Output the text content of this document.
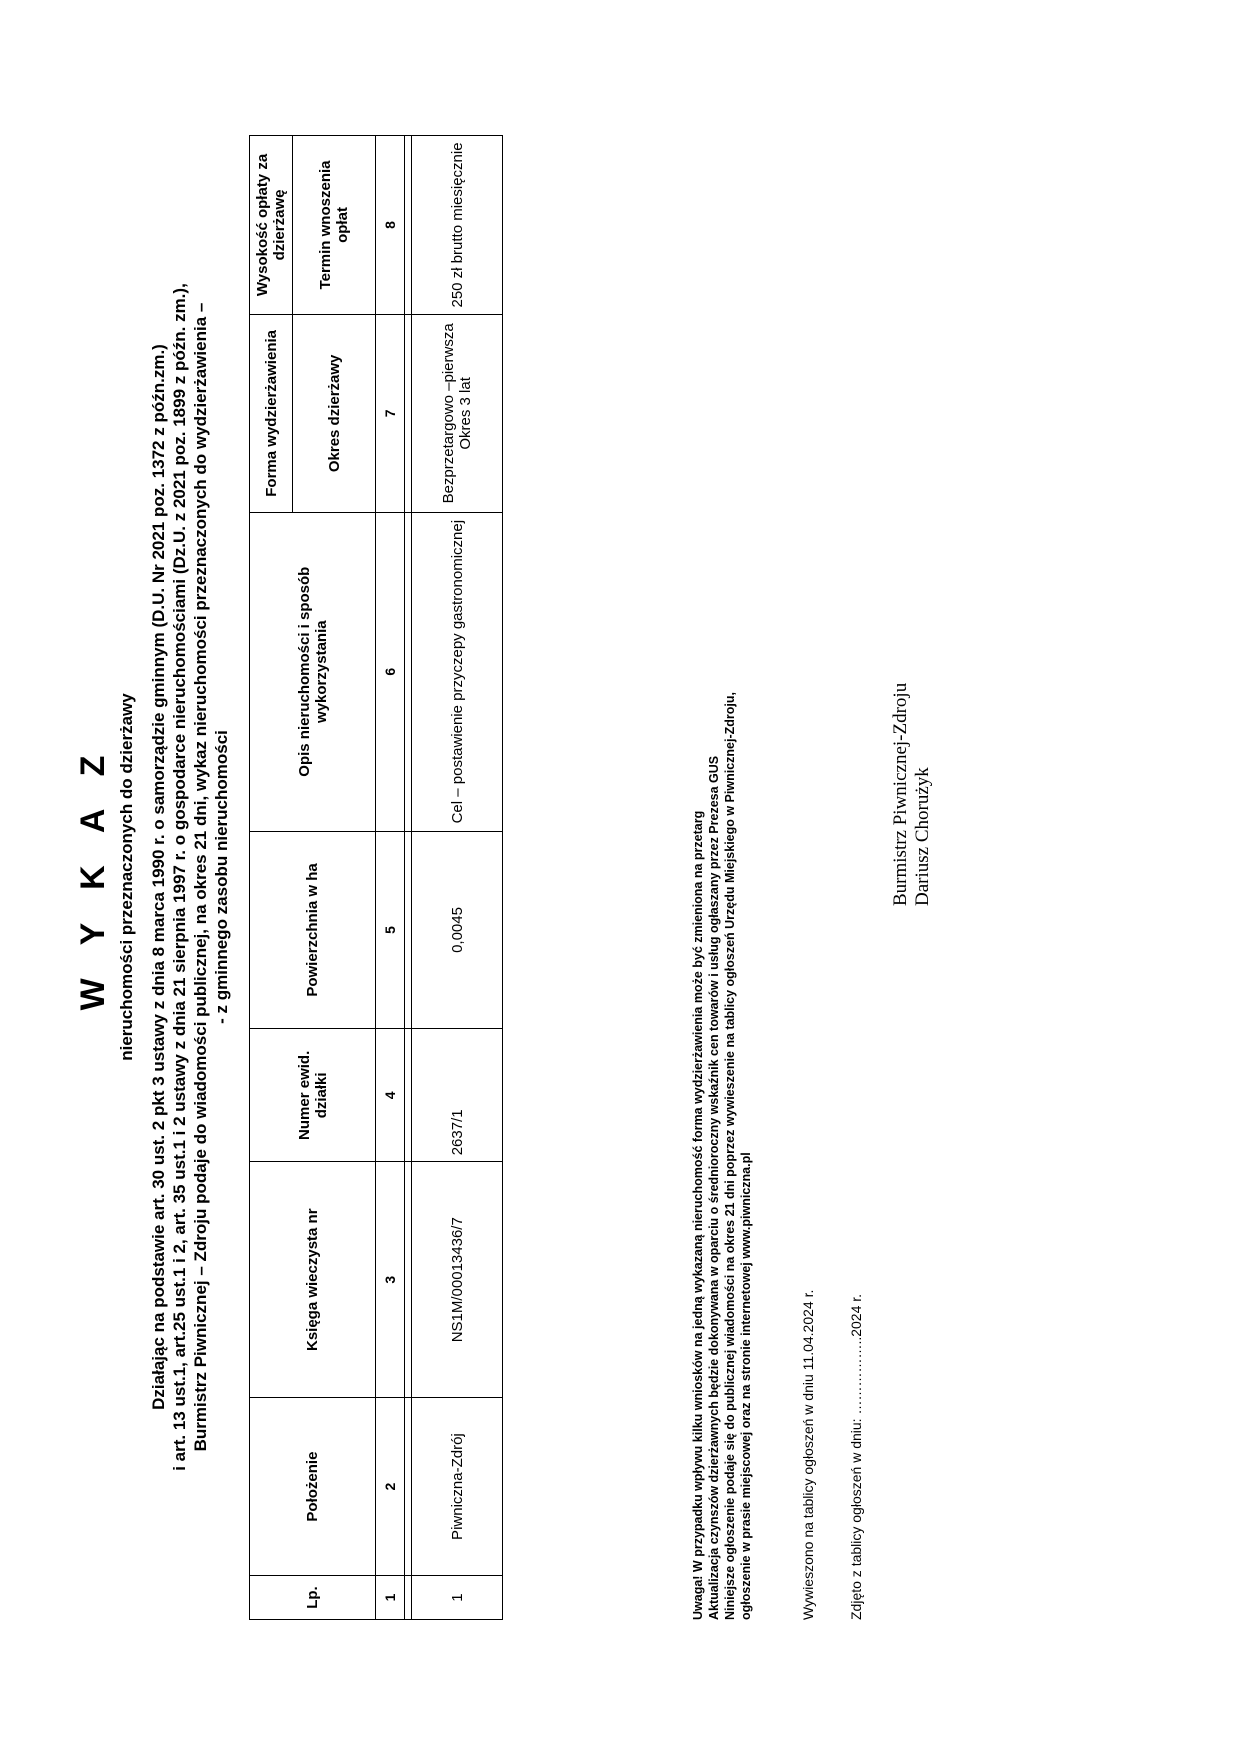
W Y K A Z nieruchomości przeznaczonych do dzierżawy Działając na podstawie art. 30 ust. 2 pkt 3 ustawy z dnia 8 marca 1990 r. o samorządzie gminnym (D.U. Nr 2021 poz. 1372 z późn.zm.) i art. 13 ust.1, art.25 ust.1 i 2, art. 35 ust.1 i 2 ustawy z dnia 21 sierpnia 1997 r. o gospodarce nieruchomościami (Dz.U. z 2021 poz. 1899 z późn. zm.), Burmistrz Piwnicznej – Zdroju podaje do wiadomości publicznej, na okres 21 dni, wykaz nieruchomości przeznaczonych do wydzierżawienia – - z gminnego zasobu nieruchomości
Lp.	Położenie	Księga wieczysta nr	Numer ewid. działki	Powierzchnia w ha	Opis nieruchomości i sposób wykorzystania	Forma wydzierżawienia	Wysokość opłaty za dzierżawę
						Okres dzierżawy	Termin wnoszenia opłat
1	2	3	4	5	6	7	8

1	Piwniczna-Zdrój	NS1M/00013436/7	2637/1	0,0045	Cel – postawienie przyczepy gastronomicznej	Bezprzetargowo –pierwsza Okres 3 lat	250 zł brutto miesięcznie
Uwaga! W przypadku wpływu kilku wniosków na jedną wykazaną nieruchomość forma wydzierżawienia może być zmieniona na przetarg Aktualizacja czynszów dzierżawnych będzie dokonywana w oparciu o średnioroczny wskaźnik cen towarów i usług ogłaszany przez Prezesa GUS Niniejsze ogłoszenie podaje się do publicznej wiadomości na okres 21 dni poprzez wywieszenie na tablicy ogłoszeń Urzędu Miejskiego w Piwnicznej-Zdroju, ogłoszenie w prasie miejscowej oraz na stronie internetowej www.piwniczna.pl	Wywieszono na tablicy ogłoszeń w dniu 11.04.2024 r. Zdjęto z tablicy ogłoszeń w dniu: ……………..2024 r.
Burmistrz Piwnicznej-Zdroju Dariusz Chorużyk
